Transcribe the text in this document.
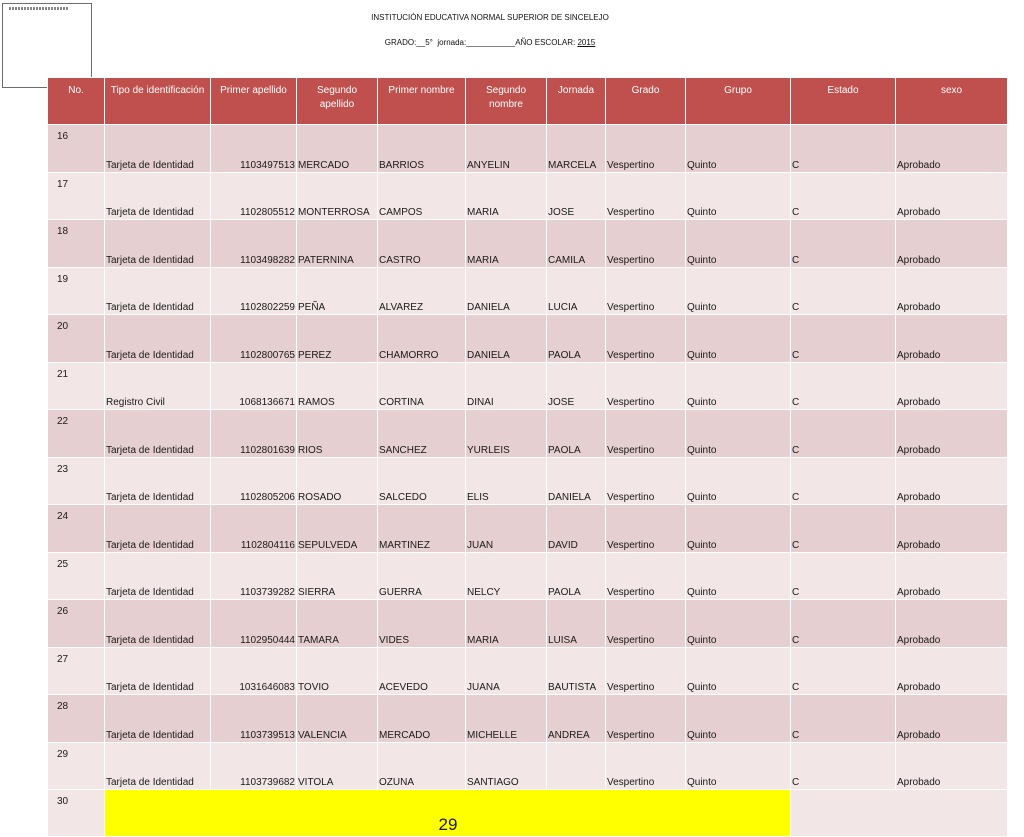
INSTITUCIÓN EDUCATIVA NORMAL SUPERIOR DE SINCELEJO
GRADO:__5° jornada:___________AÑO ESCOLAR: 2015
No.	Tipo de identificación	Primer apellido	Segundo apellido	Primer nombre	Segundo nombre	Jornada	Grado	Grupo	Estado	sexo
16	Tarjeta de Identidad	1103497513	MERCADO	BARRIOS	ANYELIN	MARCELA	Vespertino	Quinto	C	Aprobado
17	Tarjeta de Identidad	1102805512	MONTERROSA	CAMPOS	MARIA	JOSE	Vespertino	Quinto	C	Aprobado
18	Tarjeta de Identidad	1103498282	PATERNINA	CASTRO	MARIA	CAMILA	Vespertino	Quinto	C	Aprobado
19	Tarjeta de Identidad	1102802259	PEÑA	ALVAREZ	DANIELA	LUCIA	Vespertino	Quinto	C	Aprobado
20	Tarjeta de Identidad	1102800765	PEREZ	CHAMORRO	DANIELA	PAOLA	Vespertino	Quinto	C	Aprobado
21	Registro Civil	1068136671	RAMOS	CORTINA	DINAI	JOSE	Vespertino	Quinto	C	Aprobado
22	Tarjeta de Identidad	1102801639	RIOS	SANCHEZ	YURLEIS	PAOLA	Vespertino	Quinto	C	Aprobado
23	Tarjeta de Identidad	1102805206	ROSADO	SALCEDO	ELIS	DANIELA	Vespertino	Quinto	C	Aprobado
24	Tarjeta de Identidad	1102804116	SEPULVEDA	MARTINEZ	JUAN	DAVID	Vespertino	Quinto	C	Aprobado
25	Tarjeta de Identidad	1103739282	SIERRA	GUERRA	NELCY	PAOLA	Vespertino	Quinto	C	Aprobado
26	Tarjeta de Identidad	1102950444	TAMARA	VIDES	MARIA	LUISA	Vespertino	Quinto	C	Aprobado
27	Tarjeta de Identidad	1031646083	TOVIO	ACEVEDO	JUANA	BAUTISTA	Vespertino	Quinto	C	Aprobado
28	Tarjeta de Identidad	1103739513	VALENCIA	MERCADO	MICHELLE	ANDREA	Vespertino	Quinto	C	Aprobado
29	Tarjeta de Identidad	1103739682	VITOLA	OZUNA	SANTIAGO		Vespertino	Quinto	C	Aprobado
30	29									
